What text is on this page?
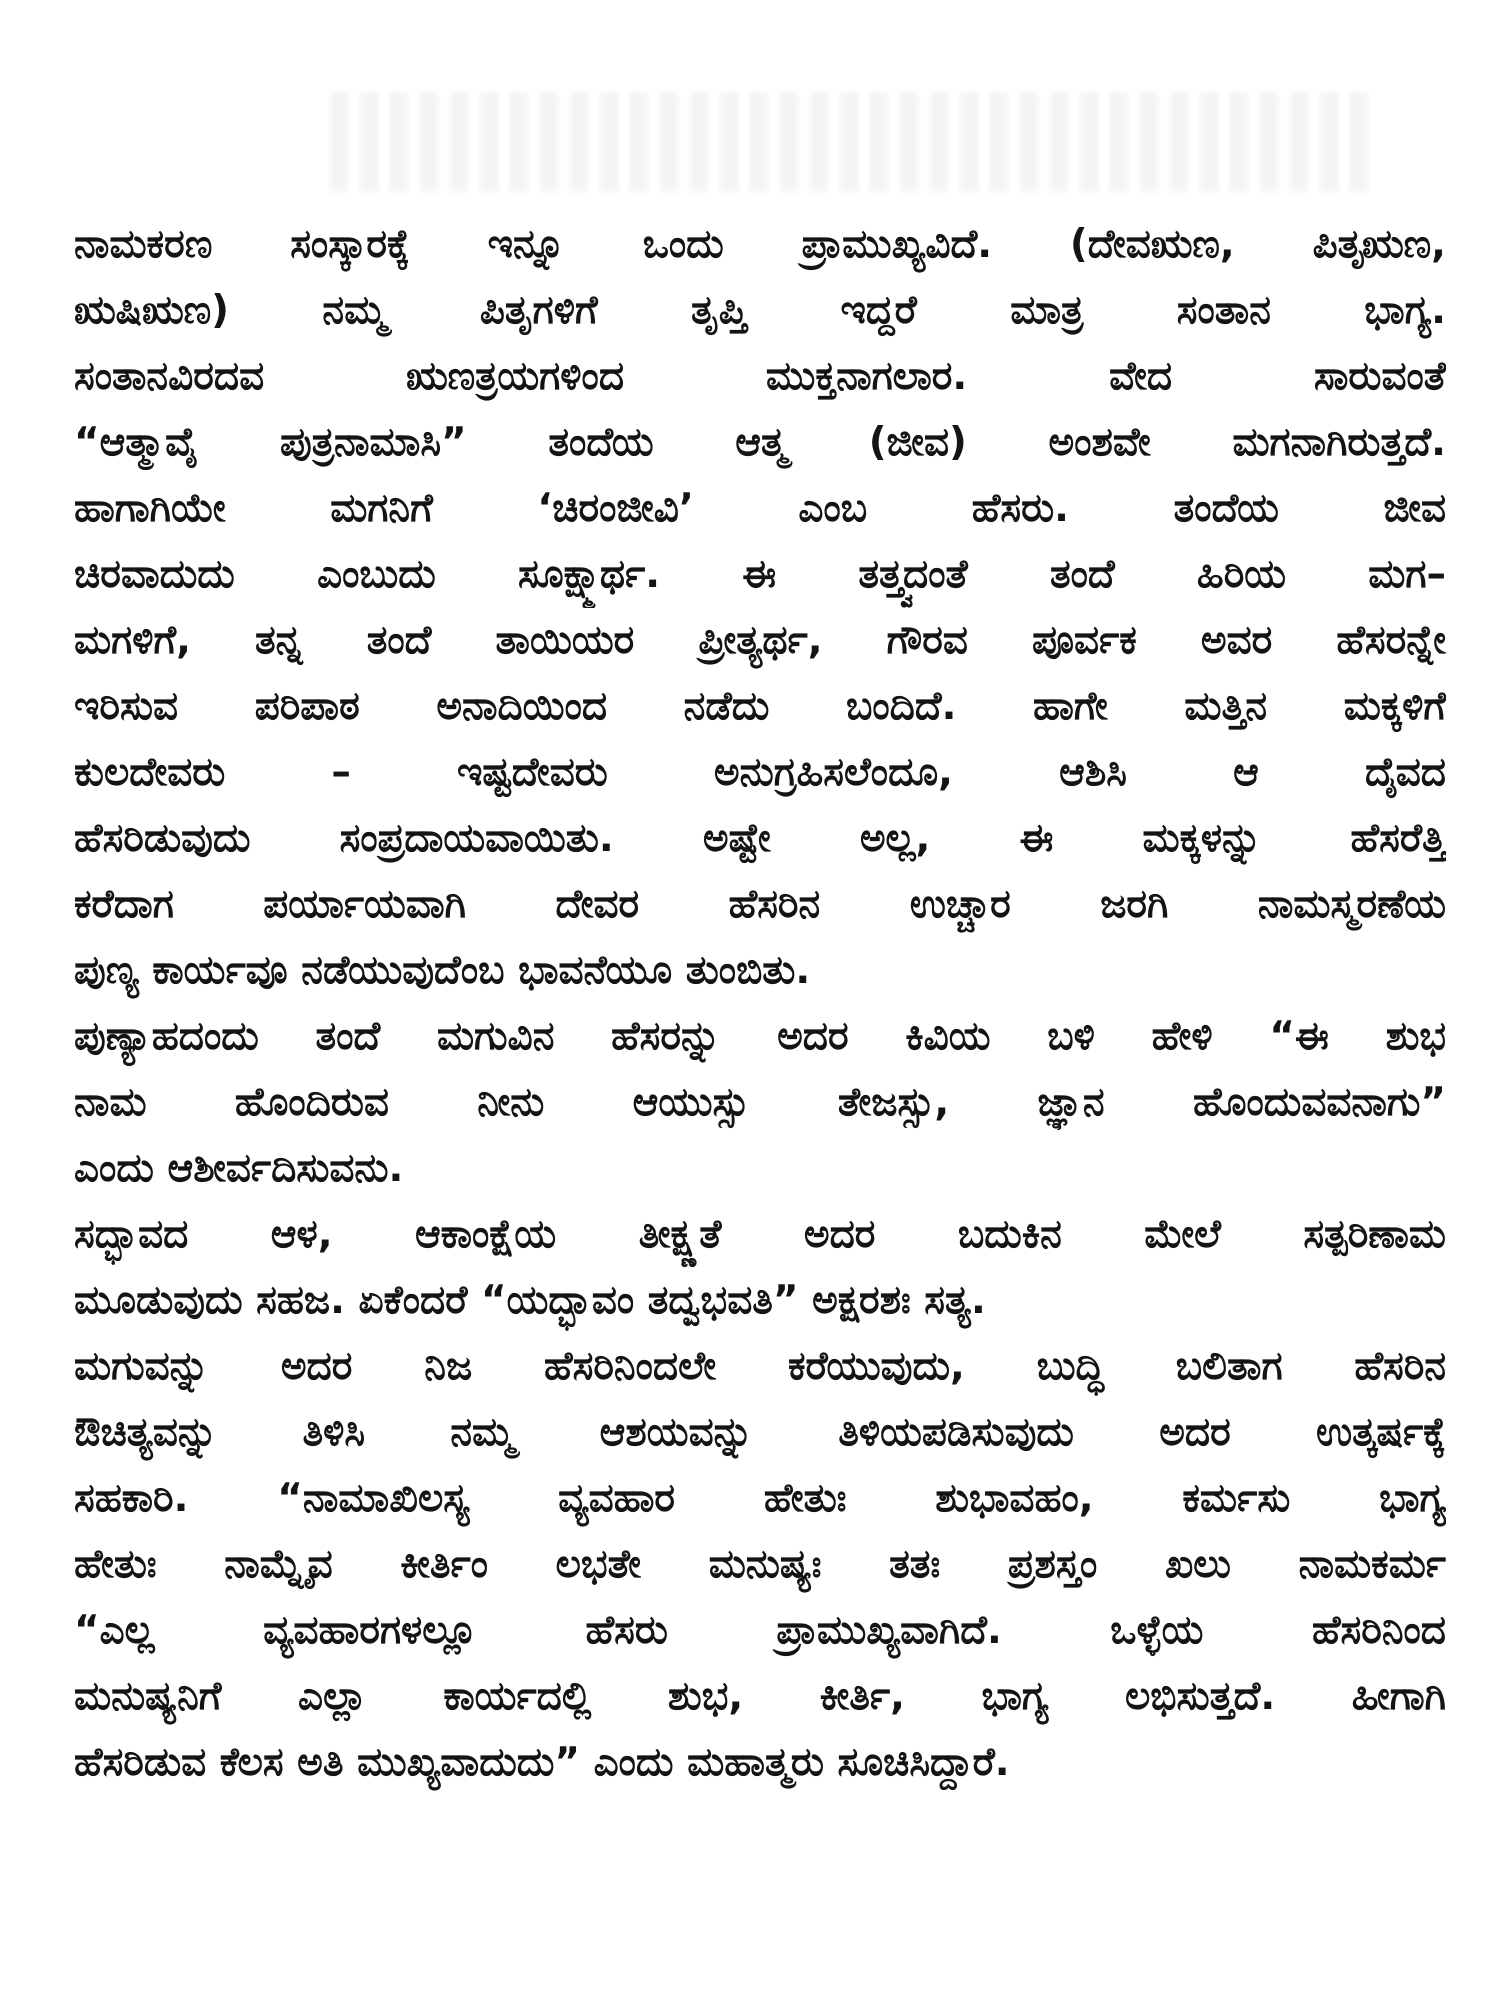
ನಾಮಕರಣ ಸಂಸ್ಕಾರಕ್ಕೆ ಇನ್ನೂ ಒಂದು ಪ್ರಾಮುಖ್ಯವಿದೆ. (ದೇವಋಣ, ಪಿತೃಋಣ,
ಋಷಿಋಣ) ನಮ್ಮ ಪಿತೃಗಳಿಗೆ ತೃಪ್ತಿ ಇದ್ದರೆ ಮಾತ್ರ ಸಂತಾನ ಭಾಗ್ಯ.
ಸಂತಾನವಿರದವ ಋಣತ್ರಯಗಳಿಂದ ಮುಕ್ತನಾಗಲಾರ. ವೇದ ಸಾರುವಂತೆ
“ಆತ್ಮಾವೈ ಪುತ್ರನಾಮಾಸಿ” ತಂದೆಯ ಆತ್ಮ (ಜೀವ) ಅಂಶವೇ ಮಗನಾಗಿರುತ್ತದೆ.
ಹಾಗಾಗಿಯೇ ಮಗನಿಗೆ ‘ಚಿರಂಜೀವಿ’ ಎಂಬ ಹೆಸರು. ತಂದೆಯ ಜೀವ
ಚಿರವಾದುದು ಎಂಬುದು ಸೂಕ್ಷ್ಮಾರ್ಥ. ಈ ತತ್ತ್ವದಂತೆ ತಂದೆ ಹಿರಿಯ ಮಗ–
ಮಗಳಿಗೆ, ತನ್ನ ತಂದೆ ತಾಯಿಯರ ಪ್ರೀತ್ಯರ್ಥ, ಗೌರವ ಪೂರ್ವಕ ಅವರ ಹೆಸರನ್ನೇ
ಇರಿಸುವ ಪರಿಪಾಠ ಅನಾದಿಯಿಂದ ನಡೆದು ಬಂದಿದೆ. ಹಾಗೇ ಮತ್ತಿನ ಮಕ್ಕಳಿಗೆ
ಕುಲದೇವರು – ಇಷ್ಟದೇವರು ಅನುಗ್ರಹಿಸಲೆಂದೂ, ಆಶಿಸಿ ಆ ದೈವದ
ಹೆಸರಿಡುವುದು ಸಂಪ್ರದಾಯವಾಯಿತು. ಅಷ್ಟೇ ಅಲ್ಲ, ಈ ಮಕ್ಕಳನ್ನು ಹೆಸರೆತ್ತಿ
ಕರೆದಾಗ ಪರ್ಯಾಯವಾಗಿ ದೇವರ ಹೆಸರಿನ ಉಚ್ಚಾರ ಜರಗಿ ನಾಮಸ್ಮರಣೆಯ
ಪುಣ್ಯ ಕಾರ್ಯವೂ ನಡೆಯುವುದೆಂಬ ಭಾವನೆಯೂ ತುಂಬಿತು.
ಪುಣ್ಯಾಹದಂದು ತಂದೆ ಮಗುವಿನ ಹೆಸರನ್ನು ಅದರ ಕಿವಿಯ ಬಳಿ ಹೇಳಿ “ಈ ಶುಭ
ನಾಮ ಹೊಂದಿರುವ ನೀನು ಆಯುಸ್ಸು ತೇಜಸ್ಸು, ಜ್ಞಾನ ಹೊಂದುವವನಾಗು”
ಎಂದು ಆಶೀರ್ವದಿಸುವನು.
ಸದ್ಭಾವದ ಆಳ, ಆಕಾಂಕ್ಷೆಯ ತೀಕ್ಷ್ಣತೆ ಅದರ ಬದುಕಿನ ಮೇಲೆ ಸತ್ಪರಿಣಾಮ
ಮೂಡುವುದು ಸಹಜ. ಏಕೆಂದರೆ “ಯದ್ಭಾವಂ ತದ್ವಭವತಿ” ಅಕ್ಷರಶಃ ಸತ್ಯ.
ಮಗುವನ್ನು ಅದರ ನಿಜ ಹೆಸರಿನಿಂದಲೇ ಕರೆಯುವುದು, ಬುದ್ಧಿ ಬಲಿತಾಗ ಹೆಸರಿನ
ಔಚಿತ್ಯವನ್ನು ತಿಳಿಸಿ ನಮ್ಮ ಆಶಯವನ್ನು ತಿಳಿಯಪಡಿಸುವುದು ಅದರ ಉತ್ಕರ್ಷಕ್ಕೆ
ಸಹಕಾರಿ. “ನಾಮಾಖಿಲಸ್ಯ ವ್ಯವಹಾರ ಹೇತುಃ ಶುಭಾವಹಂ, ಕರ್ಮಸು ಭಾಗ್ಯ
ಹೇತುಃ ನಾಮ್ನೈವ ಕೀರ್ತಿಂ ಲಭತೇ ಮನುಷ್ಯಃ ತತಃ ಪ್ರಶಸ್ತಂ ಖಲು ನಾಮಕರ್ಮ
“ಎಲ್ಲ ವ್ಯವಹಾರಗಳಲ್ಲೂ ಹೆಸರು ಪ್ರಾಮುಖ್ಯವಾಗಿದೆ. ಒಳ್ಳೆಯ ಹೆಸರಿನಿಂದ
ಮನುಷ್ಯನಿಗೆ ಎಲ್ಲಾ ಕಾರ್ಯದಲ್ಲಿ ಶುಭ, ಕೀರ್ತಿ, ಭಾಗ್ಯ ಲಭಿಸುತ್ತದೆ. ಹೀಗಾಗಿ
ಹೆಸರಿಡುವ ಕೆಲಸ ಅತಿ ಮುಖ್ಯವಾದುದು” ಎಂದು ಮಹಾತ್ಮರು ಸೂಚಿಸಿದ್ದಾರೆ.
